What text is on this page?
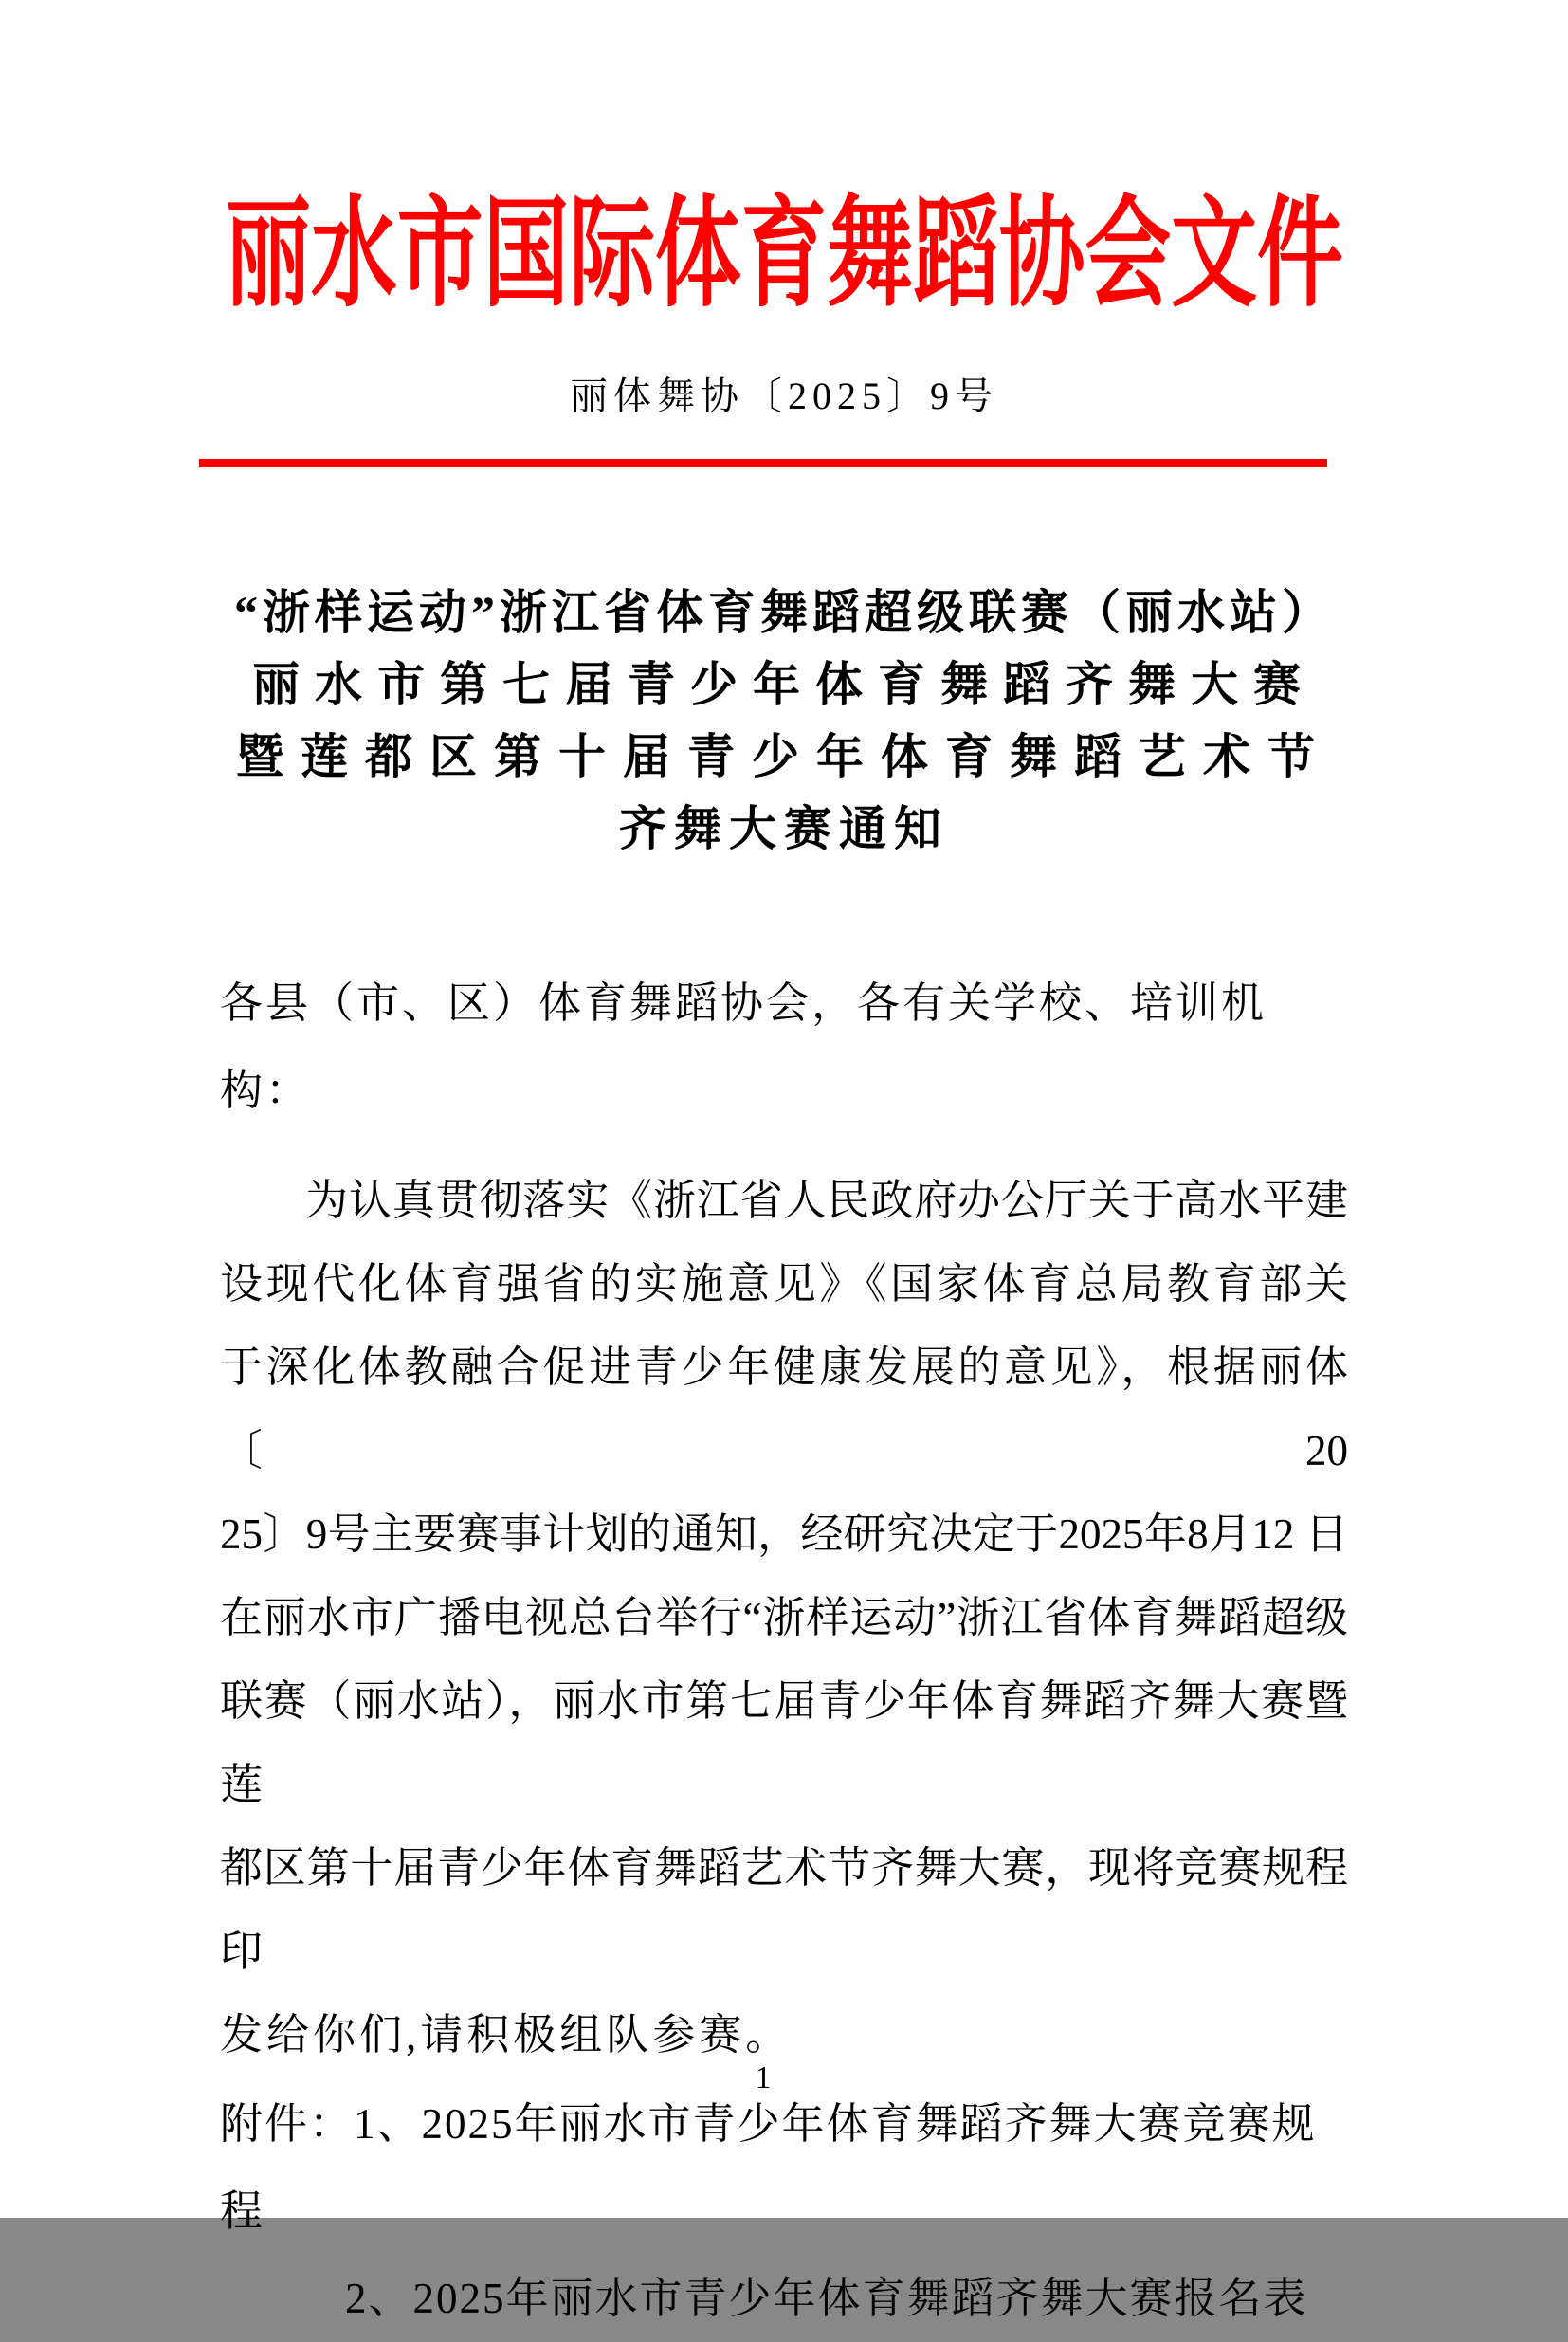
丽水市国际体育舞蹈协会文件
丽体舞协〔2025〕9号
“浙样运动”浙江省体育舞蹈超级联赛（丽水站）
丽水市第七届青少年体育舞蹈齐舞大赛
暨莲都区第十届青少年体育舞蹈艺术节
齐舞大赛通知
各县（市、区）体育舞蹈协会，各有关学校、培训机构：
为认真贯彻落实《浙江省人民政府办公厅关于高水平建
设现代化体育强省的实施意见》《国家体育总局教育部关
于深化体教融合促进青少年健康发展的意见》，根据丽体〔20
25〕9号主要赛事计划的通知，经研究决定于2025年8月12 日
在丽水市广播电视总台举行“浙样运动”浙江省体育舞蹈超级
联赛（丽水站），丽水市第七届青少年体育舞蹈齐舞大赛暨莲
都区第十届青少年体育舞蹈艺术节齐舞大赛，现将竞赛规程印
发给你们,请积极组队参赛。
附件：1、2025年丽水市青少年体育舞蹈齐舞大赛竞赛规程
2、2025年丽水市青少年体育舞蹈齐舞大赛报名表
1
